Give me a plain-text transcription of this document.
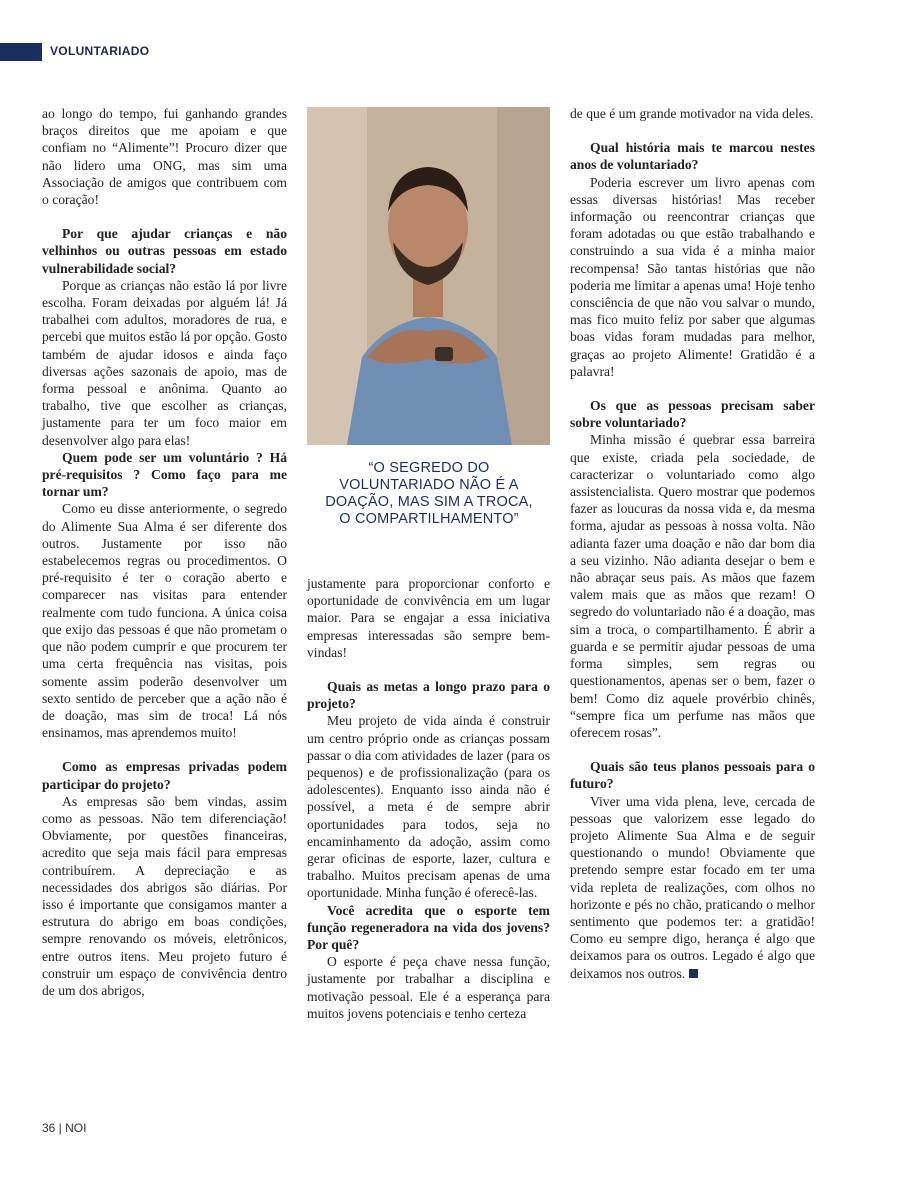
VOLUNTARIADO

ao longo do tempo, fui ganhando grandes braços direitos que me apoiam e que confiam no “Alimente”! Procuro dizer que não lidero uma ONG, mas sim uma Associação de amigos que contribuem com o coração!

Por que ajudar crianças e não velhinhos ou outras pessoas em estado vulnerabilidade social?

Porque as crianças não estão lá por livre escolha. Foram deixadas por alguém lá! Já trabalhei com adultos, moradores de rua, e percebi que muitos estão lá por opção. Gosto também de ajudar idosos e ainda faço diversas ações sazonais de apoio, mas de forma pessoal e anônima. Quanto ao trabalho, tive que escolher as crianças, justamente para ter um foco maior em desenvolver algo para elas!

Quem pode ser um voluntário ? Há pré-requisitos ? Como faço para me tornar um?

Como eu disse anteriormente, o segredo do Alimente Sua Alma é ser diferente dos outros. Justamente por isso não estabelecemos regras ou procedimentos. O pré-requisito é ter o coração aberto e comparecer nas visitas para entender realmente com tudo funciona. A única coisa que exijo das pessoas é que não prometam o que não podem cumprir e que procurem ter uma certa frequência nas visitas, pois somente assim poderão desenvolver um sexto sentido de perceber que a ação não é de doação, mas sim de troca! Lá nós ensinamos, mas aprendemos muito!

Como as empresas privadas podem participar do projeto?

As empresas são bem vindas, assim como as pessoas. Não tem diferenciação! Obviamente, por questões financeiras, acredito que seja mais fácil para empresas contribuírem. A depreciação e as necessidades dos abrigos são diárias. Por isso é importante que consigamos manter a estrutura do abrigo em boas condições, sempre renovando os móveis, eletrônicos, entre outros itens. Meu projeto futuro é construir um espaço de convivência dentro de um dos abrigos,

“O SEGREDO DO VOLUNTARIADO NÃO É A DOAÇÃO, MAS SIM A TROCA, O COMPARTILHAMENTO”

justamente para proporcionar conforto e oportunidade de convivência em um lugar maior. Para se engajar a essa iniciativa empresas interessadas são sempre bem-vindas!

Quais as metas a longo prazo para o projeto?

Meu projeto de vida ainda é construir um centro próprio onde as crianças possam passar o dia com atividades de lazer (para os pequenos) e de profissionalização (para os adolescentes). Enquanto isso ainda não é possível, a meta é de sempre abrir oportunidades para todos, seja no encaminhamento da adoção, assim como gerar oficinas de esporte, lazer, cultura e trabalho. Muitos precisam apenas de uma oportunidade. Minha função é oferecê-las.

Você acredita que o esporte tem função regeneradora na vida dos jovens? Por quê?

O esporte é peça chave nessa função, justamente por trabalhar a disciplina e motivação pessoal. Ele é a esperança para muitos jovens potenciais e tenho certeza

de que é um grande motivador na vida deles.

Qual história mais te marcou nestes anos de voluntariado?

Poderia escrever um livro apenas com essas diversas histórias! Mas receber informação ou reencontrar crianças que foram adotadas ou que estão trabalhando e construindo a sua vida é a minha maior recompensa! São tantas histórias que não poderia me limitar a apenas uma! Hoje tenho consciência de que não vou salvar o mundo, mas fico muito feliz por saber que algumas boas vidas foram mudadas para melhor, graças ao projeto Alimente! Gratidão é a palavra!

Os que as pessoas precisam saber sobre voluntariado?

Minha missão é quebrar essa barreira que existe, criada pela sociedade, de caracterizar o voluntariado como algo assistencialista. Quero mostrar que podemos fazer as loucuras da nossa vida e, da mesma forma, ajudar as pessoas à nossa volta. Não adianta fazer uma doação e não dar bom dia a seu vizinho. Não adianta desejar o bem e não abraçar seus pais. As mãos que fazem valem mais que as mãos que rezam! O segredo do voluntariado não é a doação, mas sim a troca, o compartilhamento. É abrir a guarda e se permitir ajudar pessoas de uma forma simples, sem regras ou questionamentos, apenas ser o bem, fazer o bem! Como diz aquele provérbio chinês, “sempre fica um perfume nas mãos que oferecem rosas”.

Quais são teus planos pessoais para o futuro?

Viver uma vida plena, leve, cercada de pessoas que valorizem esse legado do projeto Alimente Sua Alma e de seguir questionando o mundo! Obviamente que pretendo sempre estar focado em ter uma vida repleta de realizações, com olhos no horizonte e pés no chão, praticando o melhor sentimento que podemos ter: a gratidão! Como eu sempre digo, herança é algo que deixamos para os outros. Legado é algo que deixamos nos outros.

36 | NOI
